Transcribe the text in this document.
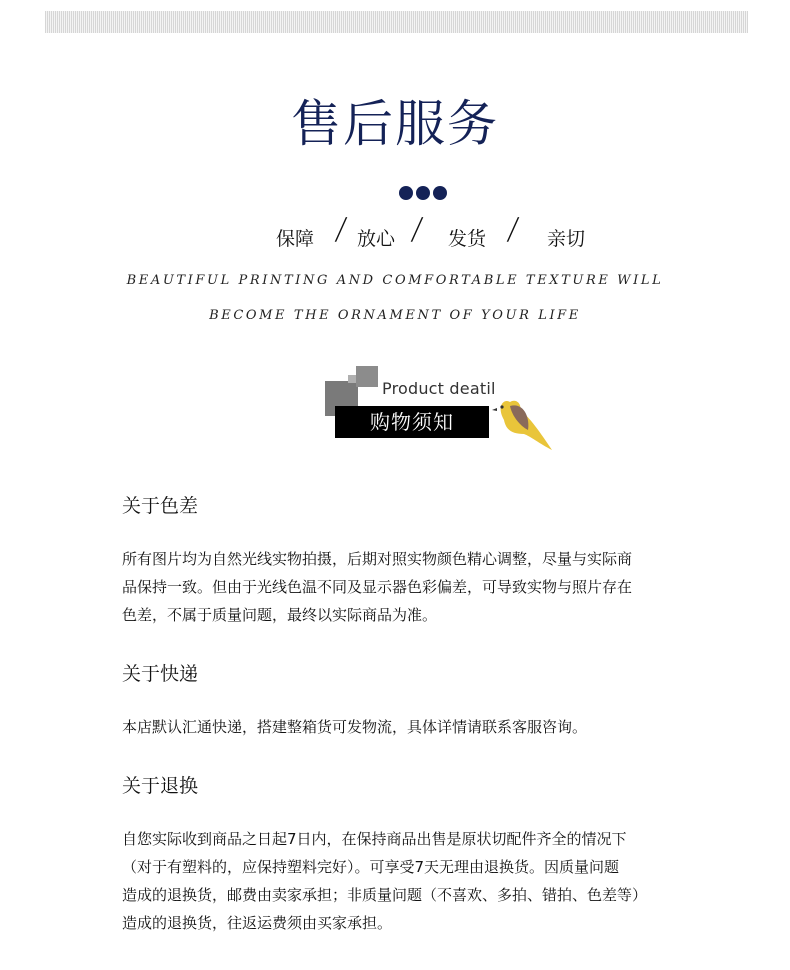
售后服务
保障 / 放心 / 发货 / 亲切
BEAUTIFUL PRINTING AND COMFORTABLE TEXTURE WILL
BECOME THE ORNAMENT OF YOUR LIFE
Product deatil
购物须知
关于色差
所有图片均为自然光线实物拍摄，后期对照实物颜色精心调整，尽量与实际商
品保持一致。但由于光线色温不同及显示器色彩偏差，可导致实物与照片存在
色差，不属于质量问题，最终以实际商品为准。
关于快递
本店默认汇通快递，搭建整箱货可发物流，具体详情请联系客服咨询。
关于退换
自您实际收到商品之日起7日内，在保持商品出售是原状切配件齐全的情况下
（对于有塑料的，应保持塑料完好）。可享受7天无理由退换货。因质量问题
造成的退换货，邮费由卖家承担；非质量问题（不喜欢、多拍、错拍、色差等）
造成的退换货，往返运费须由买家承担。
